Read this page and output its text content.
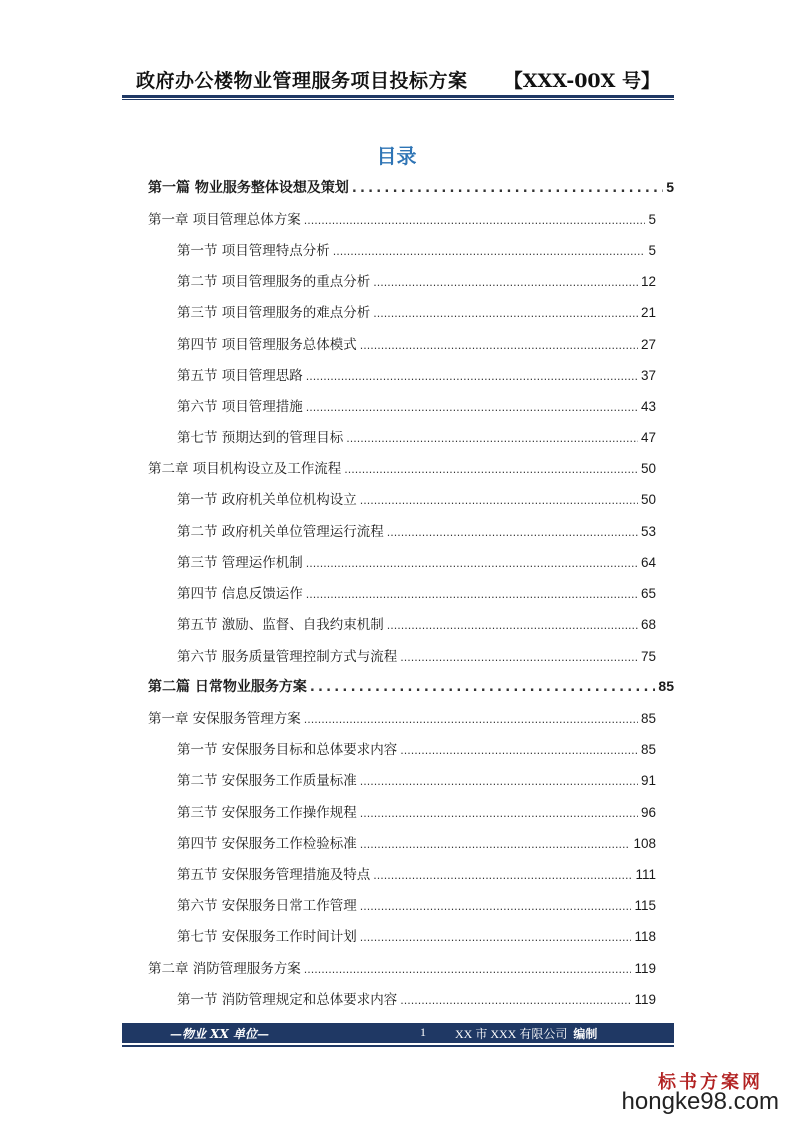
政府办公楼物业管理服务项目投标方案 【XXX-00X 号】
目录
第一篇 物业服务整体设想及策划 .....	5
第一章 项目管理总体方案 .....	5
第一节 项目管理特点分析 .....	5
第二节 项目管理服务的重点分析 .....	12
第三节 项目管理服务的难点分析 .....	21
第四节 项目管理服务总体模式 .....	27
第五节 项目管理思路 .....	37
第六节 项目管理措施 .....	43
第七节 预期达到的管理目标 .....	47
第二章 项目机构设立及工作流程 .....	50
第一节 政府机关单位机构设立 .....	50
第二节 政府机关单位管理运行流程 .....	53
第三节 管理运作机制 .....	64
第四节 信息反馈运作 .....	65
第五节 激励、监督、自我约束机制 .....	68
第六节 服务质量管理控制方式与流程 .....	75
第二篇 日常物业服务方案 .....	85
第一章 安保服务管理方案 .....	85
第一节 安保服务目标和总体要求内容 .....	85
第二节 安保服务工作质量标准 .....	91
第三节 安保服务工作操作规程 .....	96
第四节 安保服务工作检验标准 .....	108
第五节 安保服务管理措施及特点 .....	111
第六节 安保服务日常工作管理 .....	115
第七节 安保服务工作时间计划 .....	118
第二章 消防管理服务方案 .....	119
第一节 消防管理规定和总体要求内容 .....	119
—物业 XX 单位—	1 XX 市 XXX 有限公司 编制
标书方案网
hongke98.com
